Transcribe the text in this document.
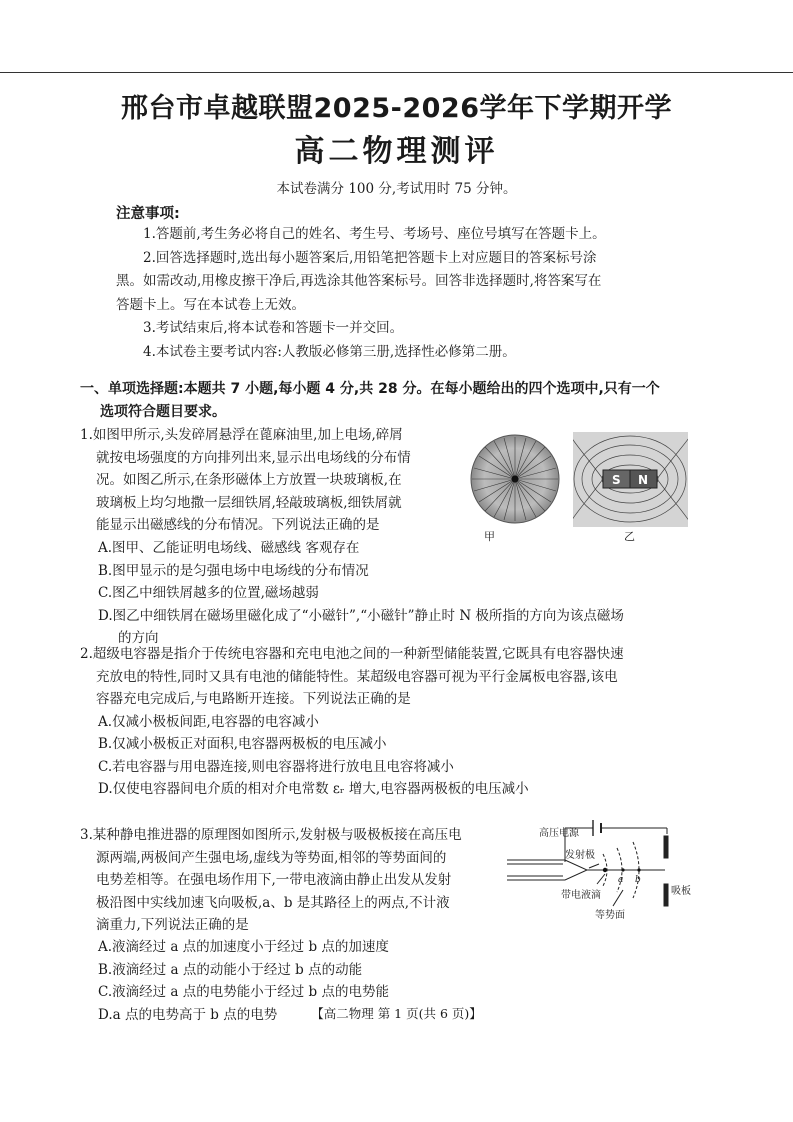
邢台市卓越联盟2025-2026学年下学期开学
高二物理测评
本试卷满分 100 分,考试用时 75 分钟。
注意事项:

1.答题前,考生务必将自己的姓名、考生号、考场号、座位号填写在答题卡上。

2.回答选择题时,选出每小题答案后,用铅笔把答题卡上对应题目的答案标号涂

黑。如需改动,用橡皮擦干净后,再选涂其他答案标号。回答非选择题时,将答案写在

答题卡上。写在本试卷上无效。

3.考试结束后,将本试卷和答题卡一并交回。

4.本试卷主要考试内容:人教版必修第三册,选择性必修第二册。

一、单项选择题:本题共 7 小题,每小题 4 分,共 28 分。在每小题给出的四个选项中,只有一个
选项符合题目要求。

1.如图甲所示,头发碎屑悬浮在蓖麻油里,加上电场,碎屑

就按电场强度的方向排列出来,显示出电场线的分布情

况。如图乙所示,在条形磁体上方放置一块玻璃板,在

玻璃板上均匀地撒一层细铁屑,轻敲玻璃板,细铁屑就

能显示出磁感线的分布情况。下列说法正确的是

A.图甲、乙能证明电场线、磁感线 客观存在

B.图甲显示的是匀强电场中电场线的分布情况

C.图乙中细铁屑越多的位置,磁场越弱

D.图乙中细铁屑在磁场里磁化成了“小磁针”,“小磁针”静止时 N 极所指的方向为该点磁场

的方向

甲
S N
乙

2.超级电容器是指介于传统电容器和充电电池之间的一种新型储能装置,它既具有电容器快速

充放电的特性,同时又具有电池的储能特性。某超级电容器可视为平行金属板电容器,该电

容器充电完成后,与电路断开连接。下列说法正确的是

A.仅减小极板间距,电容器的电容减小

B.仅减小极板正对面积,电容器两极板的电压减小

C.若电容器与用电器连接,则电容器将进行放电且电容将减小

D.仅使电容器间电介质的相对介电常数 εᵣ 增大,电容器两极板的电压减小

3.某种静电推进器的原理图如图所示,发射极与吸极板接在高压电

源两端,两极间产生强电场,虚线为等势面,相邻的等势面间的

电势差相等。在强电场作用下,一带电液滴由静止出发从发射

极沿图中实线加速飞向吸板,a、b 是其路径上的两点,不计液

滴重力,下列说法正确的是

A.液滴经过 a 点的加速度小于经过 b 点的加速度

B.液滴经过 a 点的动能小于经过 b 点的动能

C.液滴经过 a 点的电势能小于经过 b 点的电势能

D.a 点的电势高于 b 点的电势

高压电源
发射极
带电液滴
等势面
吸板
a b
【高二物理 第 1 页(共 6 页)】
